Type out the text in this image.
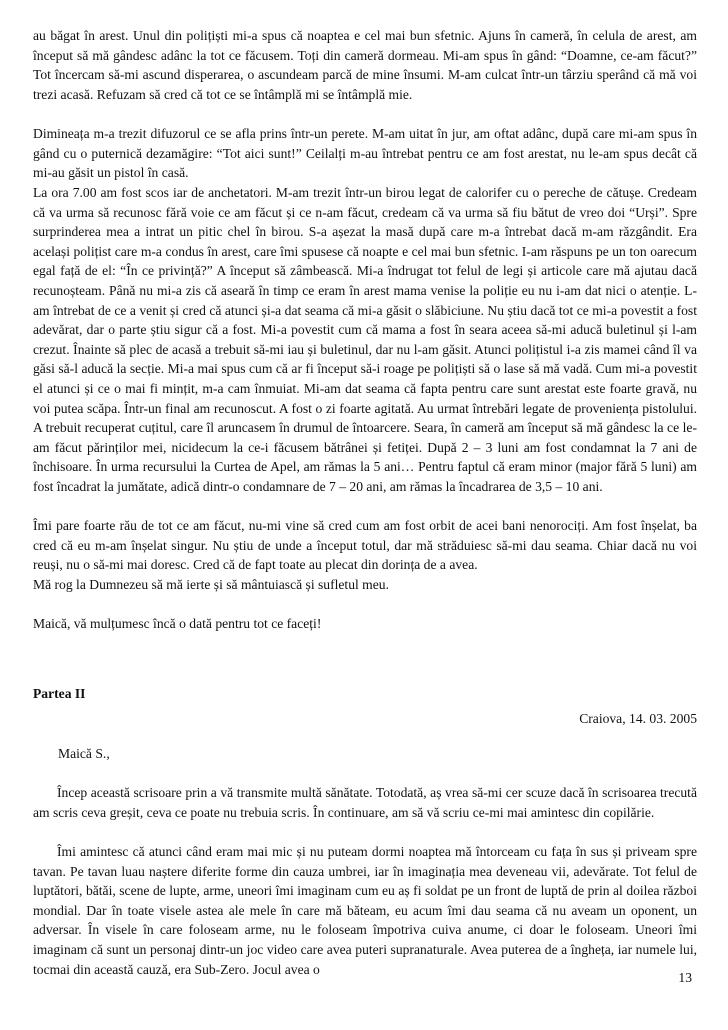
au băgat în arest. Unul din polițiști mi-a spus că noaptea e cel mai bun sfetnic. Ajuns în cameră, în celula de arest, am început să mă gândesc adânc la tot ce făcusem. Toți din cameră dormeau. Mi-am spus în gând: “Doamne, ce-am făcut?” Tot încercam să-mi ascund disperarea, o ascundeam parcă de mine însumi. M-am culcat într-un târziu sperând că mă voi trezi acasă. Refuzam să cred că tot ce se întâmplă mi se întâmplă mie.

Dimineața m-a trezit difuzorul ce se afla prins într-un perete. M-am uitat în jur, am oftat adânc, după care mi-am spus în gând cu o puternică dezamăgire: “Tot aici sunt!” Ceilalți m-au întrebat pentru ce am fost arestat, nu le-am spus decât că mi-au găsit un pistol în casă.

La ora 7.00 am fost scos iar de anchetatori. M-am trezit într-un birou legat de calorifer cu o pereche de cătușe. Credeam că va urma să recunosc fără voie ce am făcut și ce n-am făcut, credeam că va urma să fiu bătut de vreo doi “Urși”. Spre surprinderea mea a intrat un pitic chel în birou. S-a așezat la masă după care m-a întrebat dacă m-am răzgândit. Era același polițist care m-a condus în arest, care îmi spusese că noapte e cel mai bun sfetnic. I-am răspuns pe un ton oarecum egal față de el: “În ce privință?” A început să zâmbească. Mi-a îndrugat tot felul de legi și articole care mă ajutau dacă recunoșteam. Până nu mi-a zis că aseară în timp ce eram în arest mama venise la poliție eu nu i-am dat nici o atenție. L-am întrebat de ce a venit și cred că atunci și-a dat seama că mi-a găsit o slăbiciune. Nu știu dacă tot ce mi-a povestit a fost adevărat, dar o parte știu sigur că a fost. Mi-a povestit cum că mama a fost în seara aceea să-mi aducă buletinul și l-am crezut. Înainte să plec de acasă a trebuit să-mi iau și buletinul, dar nu l-am găsit. Atunci polițistul i-a zis mamei când îl va găsi să-l aducă la secție. Mi-a mai spus cum că ar fi început să-i roage pe polițiști să o lase să mă vadă. Cum mi-a povestit el atunci și ce o mai fi mințit, m-a cam înmuiat. Mi-am dat seama că fapta pentru care sunt arestat este foarte gravă, nu voi putea scăpa. Într-un final am recunoscut. A fost o zi foarte agitată. Au urmat întrebări legate de proveniența pistolului. A trebuit recuperat cuțitul, care îl aruncasem în drumul de întoarcere. Seara, în cameră am început să mă gândesc la ce le-am făcut părinților mei, nicidecum la ce-i făcusem bătrânei și fetiței. După 2 – 3 luni am fost condamnat la 7 ani de închisoare. În urma recursului la Curtea de Apel, am rămas la 5 ani… Pentru faptul că eram minor (major fără 5 luni) am fost încadrat la jumătate, adică dintr-o condamnare de 7 – 20 ani, am rămas la încadrarea de 3,5 – 10 ani.

Îmi pare foarte rău de tot ce am făcut, nu-mi vine să cred cum am fost orbit de acei bani nenorociți. Am fost înșelat, ba cred că eu m-am înșelat singur. Nu știu de unde a început totul, dar mă străduiesc să-mi dau seama. Chiar dacă nu voi reuși, nu o să-mi mai doresc. Cred că de fapt toate au plecat din dorința de a avea.

Mă rog la Dumnezeu să mă ierte și să mântuiască și sufletul meu.

Maică, vă mulțumesc încă o dată pentru tot ce faceți!

Partea II

Craiova, 14. 03. 2005

Maică S.,

Încep această scrisoare prin a vă transmite multă sănătate. Totodată, aș vrea să-mi cer scuze dacă în scrisoarea trecută am scris ceva greșit, ceva ce poate nu trebuia scris. În continuare, am să vă scriu ce-mi mai amintesc din copilărie.

Îmi amintesc că atunci când eram mai mic și nu puteam dormi noaptea mă întorceam cu fața în sus și priveam spre tavan. Pe tavan luau naștere diferite forme din cauza umbrei, iar în imaginația mea deveneau vii, adevărate. Tot felul de luptători, bătăi, scene de lupte, arme, uneori îmi imaginam cum eu aș fi soldat pe un front de luptă de prin al doilea război mondial. Dar în toate visele astea ale mele în care mă băteam, eu acum îmi dau seama că nu aveam un oponent, un adversar. În visele în care foloseam arme, nu le foloseam împotriva cuiva anume, ci doar le foloseam. Uneori îmi imaginam că sunt un personaj dintr-un joc video care avea puteri supranaturale. Avea puterea de a îngheța, iar numele lui, tocmai din această cauză, era Sub-Zero. Jocul avea o

13
